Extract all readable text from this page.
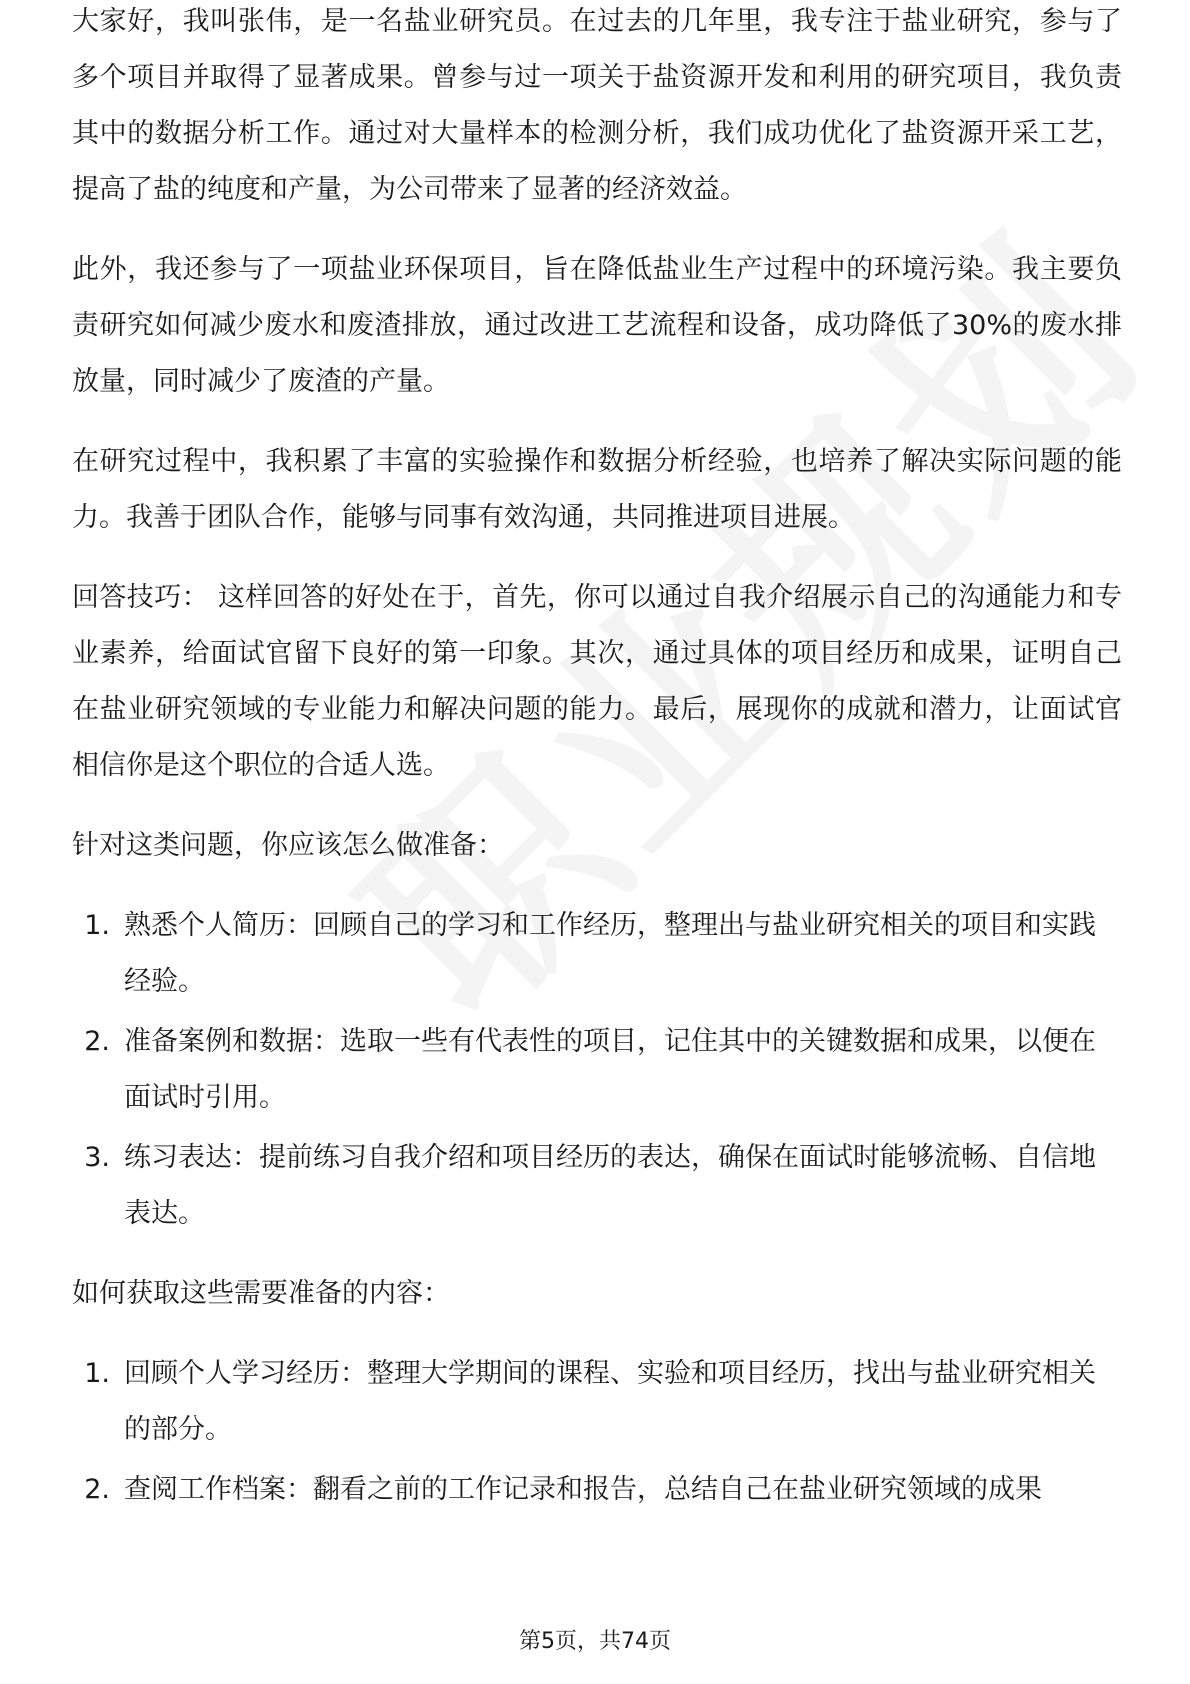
大家好，我叫张伟，是一名盐业研究员。在过去的几年里，我专注于盐业研究，参与了多个项目并取得了显著成果。曾参与过一项关于盐资源开发和利用的研究项目，我负责其中的数据分析工作。通过对大量样本的检测分析，我们成功优化了盐资源开采工艺，提高了盐的纯度和产量，为公司带来了显著的经济效益。

此外，我还参与了一项盐业环保项目，旨在降低盐业生产过程中的环境污染。我主要负责研究如何减少废水和废渣排放，通过改进工艺流程和设备，成功降低了30%的废水排放量，同时减少了废渣的产量。

在研究过程中，我积累了丰富的实验操作和数据分析经验，也培养了解决实际问题的能力。我善于团队合作，能够与同事有效沟通，共同推进项目进展。

回答技巧： 这样回答的好处在于，首先，你可以通过自我介绍展示自己的沟通能力和专业素养，给面试官留下良好的第一印象。其次，通过具体的项目经历和成果，证明自己在盐业研究领域的专业能力和解决问题的能力。最后，展现你的成就和潜力，让面试官相信你是这个职位的合适人选。

针对这类问题，你应该怎么做准备：

1. 熟悉个人简历：回顾自己的学习和工作经历，整理出与盐业研究相关的项目和实践经验。
2. 准备案例和数据：选取一些有代表性的项目，记住其中的关键数据和成果，以便在面试时引用。
3. 练习表达：提前练习自我介绍和项目经历的表达，确保在面试时能够流畅、自信地表达。

如何获取这些需要准备的内容：

1. 回顾个人学习经历：整理大学期间的课程、实验和项目经历，找出与盐业研究相关的部分。
2. 查阅工作档案：翻看之前的工作记录和报告，总结自己在盐业研究领域的成果
第5页，共74页
